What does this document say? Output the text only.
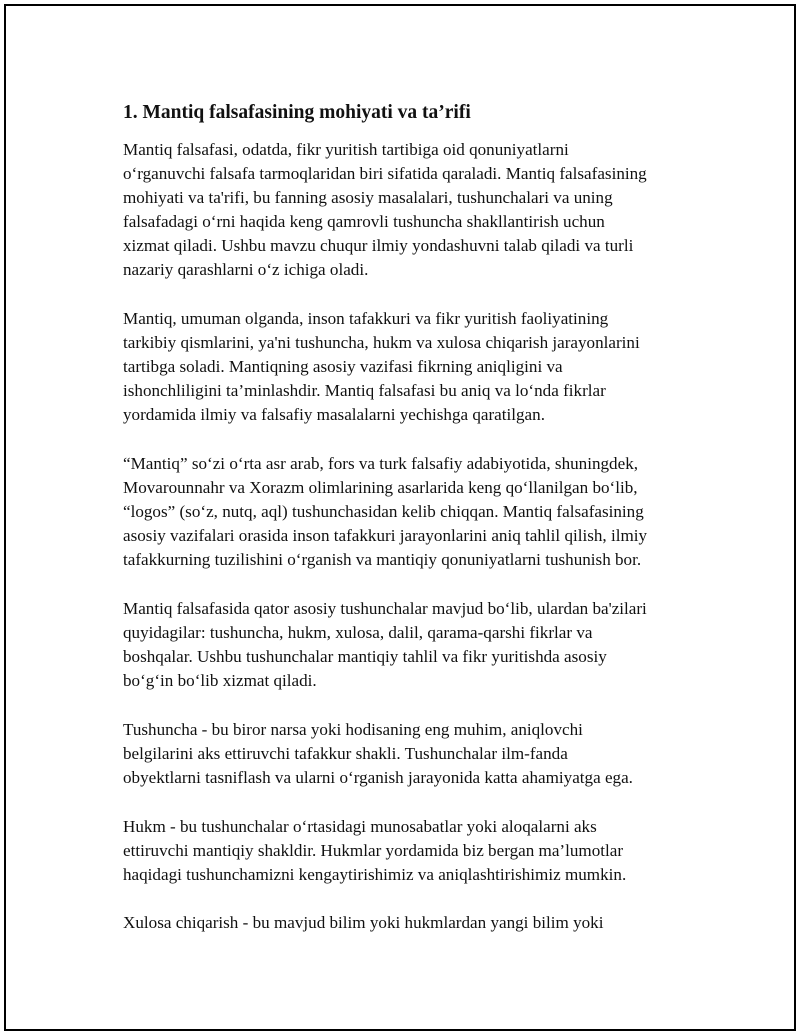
1. Mantiq falsafasining mohiyati va ta’rifi

Mantiq falsafasi, odatda, fikr yuritish tartibiga oid qonuniyatlarni
o‘rganuvchi falsafa tarmoqlaridan biri sifatida qaraladi. Mantiq falsafasining
mohiyati va ta'rifi, bu fanning asosiy masalalari, tushunchalari va uning
falsafadagi o‘rni haqida keng qamrovli tushuncha shakllantirish uchun
xizmat qiladi. Ushbu mavzu chuqur ilmiy yondashuvni talab qiladi va turli
nazariy qarashlarni o‘z ichiga oladi.

Mantiq, umuman olganda, inson tafakkuri va fikr yuritish faoliyatining
tarkibiy qismlarini, ya'ni tushuncha, hukm va xulosa chiqarish jarayonlarini
tartibga soladi. Mantiqning asosiy vazifasi fikrning aniqligini va
ishonchliligini ta’minlashdir. Mantiq falsafasi bu aniq va lo‘nda fikrlar
yordamida ilmiy va falsafiy masalalarni yechishga qaratilgan.

“Mantiq” so‘zi o‘rta asr arab, fors va turk falsafiy adabiyotida, shuningdek,
Movarounnahr va Xorazm olimlarining asarlarida keng qo‘llanilgan bo‘lib,
“logos” (so‘z, nutq, aql) tushunchasidan kelib chiqqan. Mantiq falsafasining
asosiy vazifalari orasida inson tafakkuri jarayonlarini aniq tahlil qilish, ilmiy
tafakkurning tuzilishini o‘rganish va mantiqiy qonuniyatlarni tushunish bor.

Mantiq falsafasida qator asosiy tushunchalar mavjud bo‘lib, ulardan ba'zilari
quyidagilar: tushuncha, hukm, xulosa, dalil, qarama-qarshi fikrlar va
boshqalar. Ushbu tushunchalar mantiqiy tahlil va fikr yuritishda asosiy
bo‘g‘in bo‘lib xizmat qiladi.

Tushuncha - bu biror narsa yoki hodisaning eng muhim, aniqlovchi
belgilarini aks ettiruvchi tafakkur shakli. Tushunchalar ilm-fanda
obyektlarni tasniflash va ularni o‘rganish jarayonida katta ahamiyatga ega.

Hukm - bu tushunchalar o‘rtasidagi munosabatlar yoki aloqalarni aks
ettiruvchi mantiqiy shakldir. Hukmlar yordamida biz bergan ma’lumotlar
haqidagi tushunchamizni kengaytirishimiz va aniqlashtirishimiz mumkin.

Xulosa chiqarish - bu mavjud bilim yoki hukmlardan yangi bilim yoki
